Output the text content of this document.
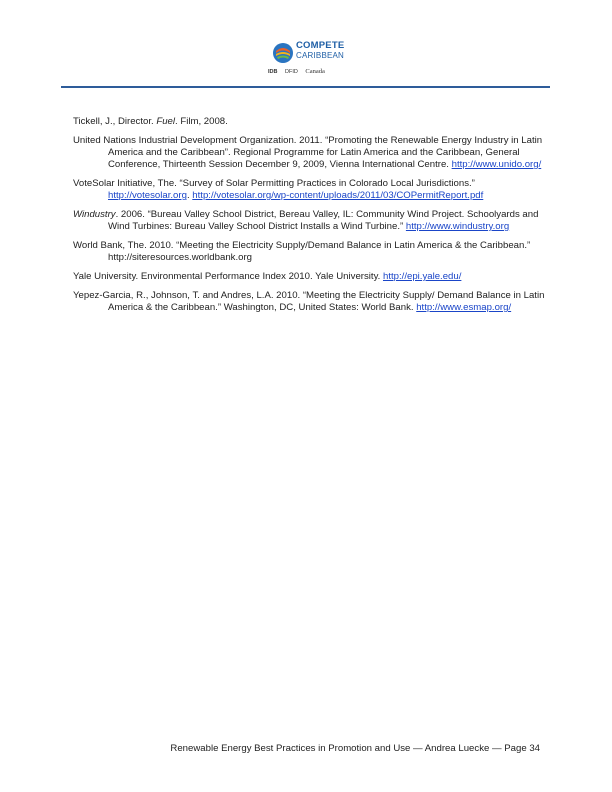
COMPETE
CARIBBEAN
IDB DFID Canada
Tickell, J., Director. Fuel. Film, 2008.
United Nations Industrial Development Organization. 2011. “Promoting the Renewable Energy Industry in Latin America and the Caribbean”. Regional Programme for Latin America and the Caribbean, General Conference, Thirteenth Session December 9, 2009, Vienna International Centre. http://www.unido.org/
VoteSolar Initiative, The. “Survey of Solar Permitting Practices in Colorado Local Jurisdictions.” http://votesolar.org. http://votesolar.org/wp-content/uploads/2011/03/COPermitReport.pdf
Windustry. 2006. “Bureau Valley School District, Bereau Valley, IL: Community Wind Project. Schoolyards and Wind Turbines: Bureau Valley School District Installs a Wind Turbine.” http://www.windustry.org
World Bank, The. 2010. “Meeting the Electricity Supply/Demand Balance in Latin America & the Caribbean.” http://siteresources.worldbank.org
Yale University. Environmental Performance Index 2010. Yale University. http://epi.yale.edu/
Yepez-Garcia, R., Johnson, T. and Andres, L.A. 2010. “Meeting the Electricity Supply/ Demand Balance in Latin America & the Caribbean.” Washington, DC, United States: World Bank. http://www.esmap.org/
Renewable Energy Best Practices in Promotion and Use — Andrea Luecke — Page 34
